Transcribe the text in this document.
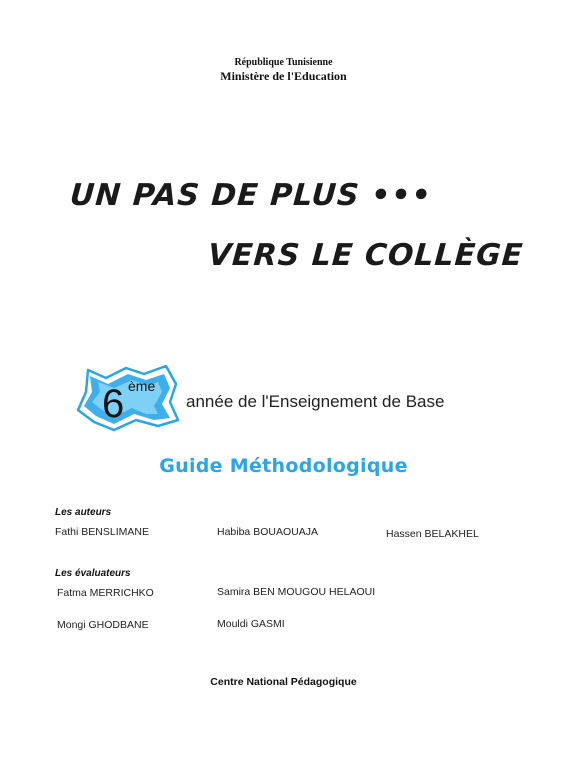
République Tunisienne
Ministère de l'Education
UN PAS DE PLUS •••
VERS LE COLLÈGE
6 ème
année de l'Enseignement de Base
Guide Méthodologique
Les auteurs
Fathi BENSLIMANE	Habiba BOUAOUAJA	Hassen BELAKHEL
Les évaluateurs
Fatma MERRICHKO	Samira BEN MOUGOU HELAOUI
Mongi GHODBANE	Mouldi GASMI
Centre National Pédagogique
